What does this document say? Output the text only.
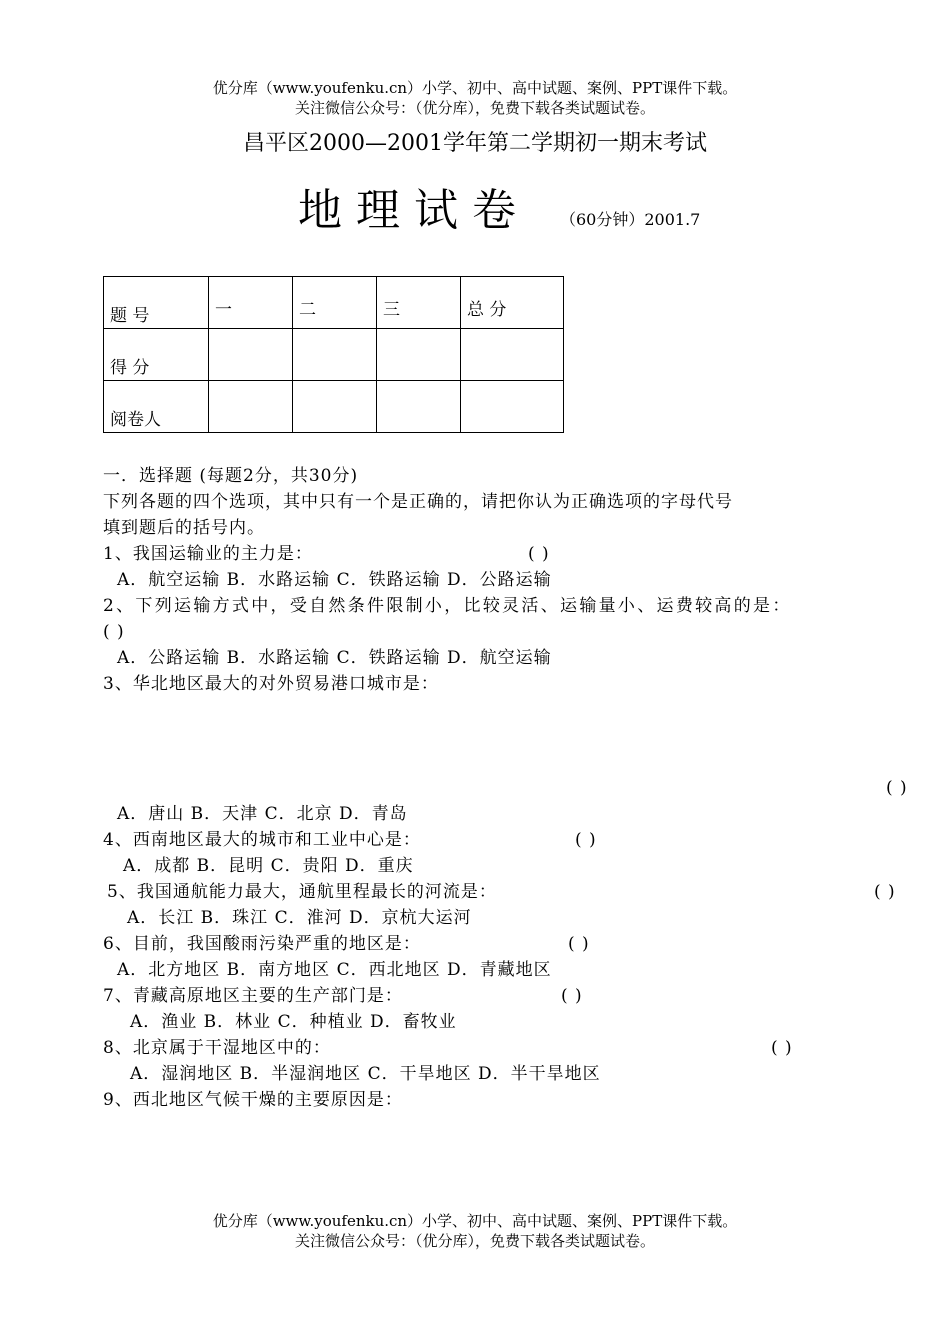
优分库（www.youfenku.cn）小学、初中、高中试题、案例、PPT课件下载。
关注微信公众号：（优分库），免费下载各类试题试卷。
昌平区2000—2001学年第二学期初一期末考试
地理试卷 （60分钟）2001.7
题 号	一	二	三	总 分
得 分				
阅卷人				
一．选择题 (每题2分，共30分)
下列各题的四个选项，其中只有一个是正确的，请把你认为正确选项的字母代号
填到题后的括号内。
1、我国运输业的主力是：	( )
A．航空运输 B．水路运输 C．铁路运输 D．公路运输
2、下列运输方式中，受自然条件限制小，比较灵活、运输量小、运费较高的是：
( )
A．公路运输 B．水路运输 C．铁路运输 D．航空运输
3、华北地区最大的对外贸易港口城市是：
( )
A．唐山 B．天津 C．北京 D．青岛
4、西南地区最大的城市和工业中心是：	( )
A．成都 B．昆明 C．贵阳 D．重庆
5、我国通航能力最大，通航里程最长的河流是：	( )
A．长江 B．珠江 C．淮河 D．京杭大运河
6、目前，我国酸雨污染严重的地区是：	( )
A．北方地区 B．南方地区 C．西北地区 D．青藏地区
7、青藏高原地区主要的生产部门是：	( )
A．渔业 B．林业 C．种植业 D．畜牧业
8、北京属于干湿地区中的：	( )
A．湿润地区 B．半湿润地区 C．干旱地区 D．半干旱地区
9、西北地区气候干燥的主要原因是：
优分库（www.youfenku.cn）小学、初中、高中试题、案例、PPT课件下载。
关注微信公众号：（优分库），免费下载各类试题试卷。
